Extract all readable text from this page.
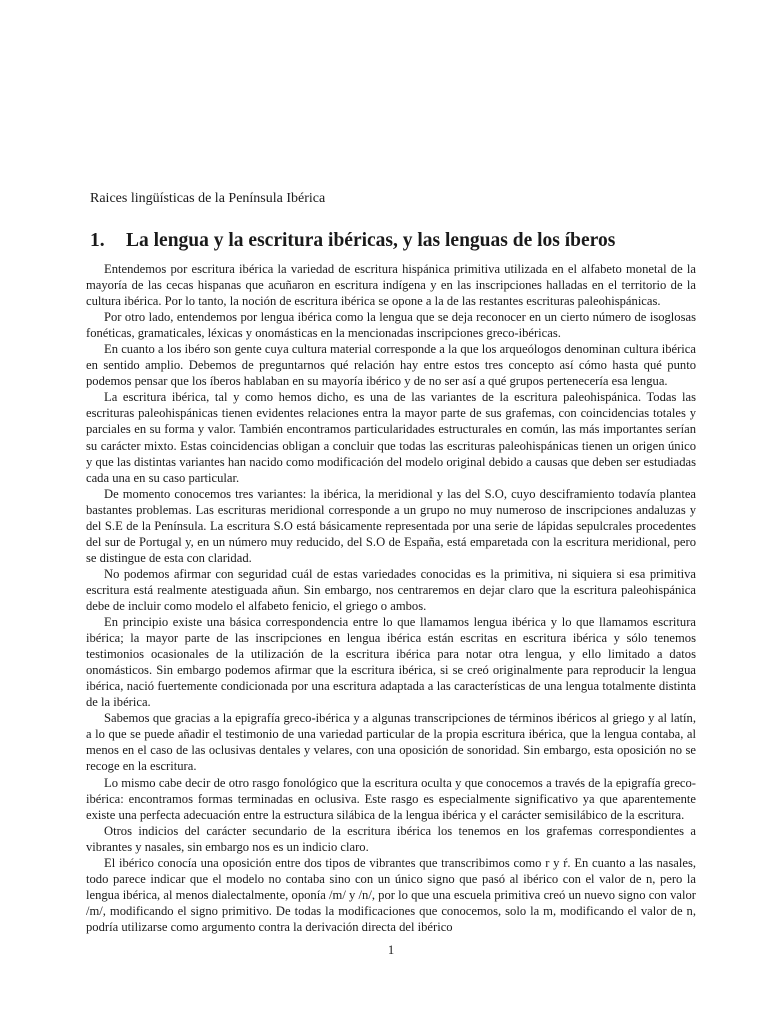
Raices lingüísticas de la Península Ibérica
1. La lengua y la escritura ibéricas, y las lenguas de los íberos

Entendemos por escritura ibérica la variedad de escritura hispánica primitiva utilizada en el alfabeto monetal de la mayoría de las cecas hispanas que acuñaron en escritura indígena y en las inscripciones halladas en el territorio de la cultura ibérica. Por lo tanto, la noción de escritura ibérica se opone a la de las restantes escrituras paleohispánicas.

Por otro lado, entendemos por lengua ibérica como la lengua que se deja reconocer en un cierto número de isoglosas fonéticas, gramaticales, léxicas y onomásticas en la mencionadas inscripciones greco-ibéricas.

En cuanto a los ibéro son gente cuya cultura material corresponde a la que los arqueólogos denominan cultura ibérica en sentido amplio. Debemos de preguntarnos qué relación hay entre estos tres concepto así cómo hasta qué punto podemos pensar que los íberos hablaban en su mayoría ibérico y de no ser así a qué grupos pertenecería esa lengua.

La escritura ibérica, tal y como hemos dicho, es una de las variantes de la escritura paleohispánica. Todas las escrituras paleohispánicas tienen evidentes relaciones entra la mayor parte de sus grafemas, con coincidencias totales y parciales en su forma y valor. También encontramos particularidades estructurales en común, las más importantes serían su carácter mixto. Estas coincidencias obligan a concluir que todas las escrituras paleohispánicas tienen un origen único y que las distintas variantes han nacido como modificación del modelo original debido a causas que deben ser estudiadas cada una en su caso particular.

De momento conocemos tres variantes: la ibérica, la meridional y las del S.O, cuyo desciframiento todavía plantea bastantes problemas. Las escrituras meridional corresponde a un grupo no muy numeroso de inscripciones andaluzas y del S.E de la Península. La escritura S.O está básicamente representada por una serie de lápidas sepulcrales procedentes del sur de Portugal y, en un número muy reducido, del S.O de España, está emparetada con la escritura meridional, pero se distingue de esta con claridad.

No podemos afirmar con seguridad cuál de estas variedades conocidas es la primitiva, ni siquiera si esa primitiva escritura está realmente atestiguada añun. Sin embargo, nos centraremos en dejar claro que la escritura paleohispánica debe de incluir como modelo el alfabeto fenicio, el griego o ambos.

En principio existe una básica correspondencia entre lo que llamamos lengua ibérica y lo que llamamos escritura ibérica; la mayor parte de las inscripciones en lengua ibérica están escritas en escritura ibérica y sólo tenemos testimonios ocasionales de la utilización de la escritura ibérica para notar otra lengua, y ello limitado a datos onomásticos. Sin embargo podemos afirmar que la escritura ibérica, si se creó originalmente para reproducir la lengua ibérica, nació fuertemente condicionada por una escritura adaptada a las características de una lengua totalmente distinta de la ibérica.

Sabemos que gracias a la epigrafía greco-ibérica y a algunas transcripciones de términos ibéricos al griego y al latín, a lo que se puede añadir el testimonio de una variedad particular de la propia escritura ibérica, que la lengua contaba, al menos en el caso de las oclusivas dentales y velares, con una oposición de sonoridad. Sin embargo, esta oposición no se recoge en la escritura.

Lo mismo cabe decir de otro rasgo fonológico que la escritura oculta y que conocemos a través de la epigrafía greco-ibérica: encontramos formas terminadas en oclusiva. Este rasgo es especialmente significativo ya que aparentemente existe una perfecta adecuación entre la estructura silábica de la lengua ibérica y el carácter semisilábico de la escritura.

Otros indicios del carácter secundario de la escritura ibérica los tenemos en los grafemas correspondientes a vibrantes y nasales, sin embargo nos es un indicio claro.

El ibérico conocía una oposición entre dos tipos de vibrantes que transcribimos como r y ŕ. En cuanto a las nasales, todo parece indicar que el modelo no contaba sino con un único signo que pasó al ibérico con el valor de n, pero la lengua ibérica, al menos dialectalmente, oponía /m/ y /n/, por lo que una escuela primitiva creó un nuevo signo con valor /m/, modificando el signo primitivo. De todas la modificaciones que conocemos, solo la m, modificando el valor de n, podría utilizarse como argumento contra la derivación directa del ibérico

1
